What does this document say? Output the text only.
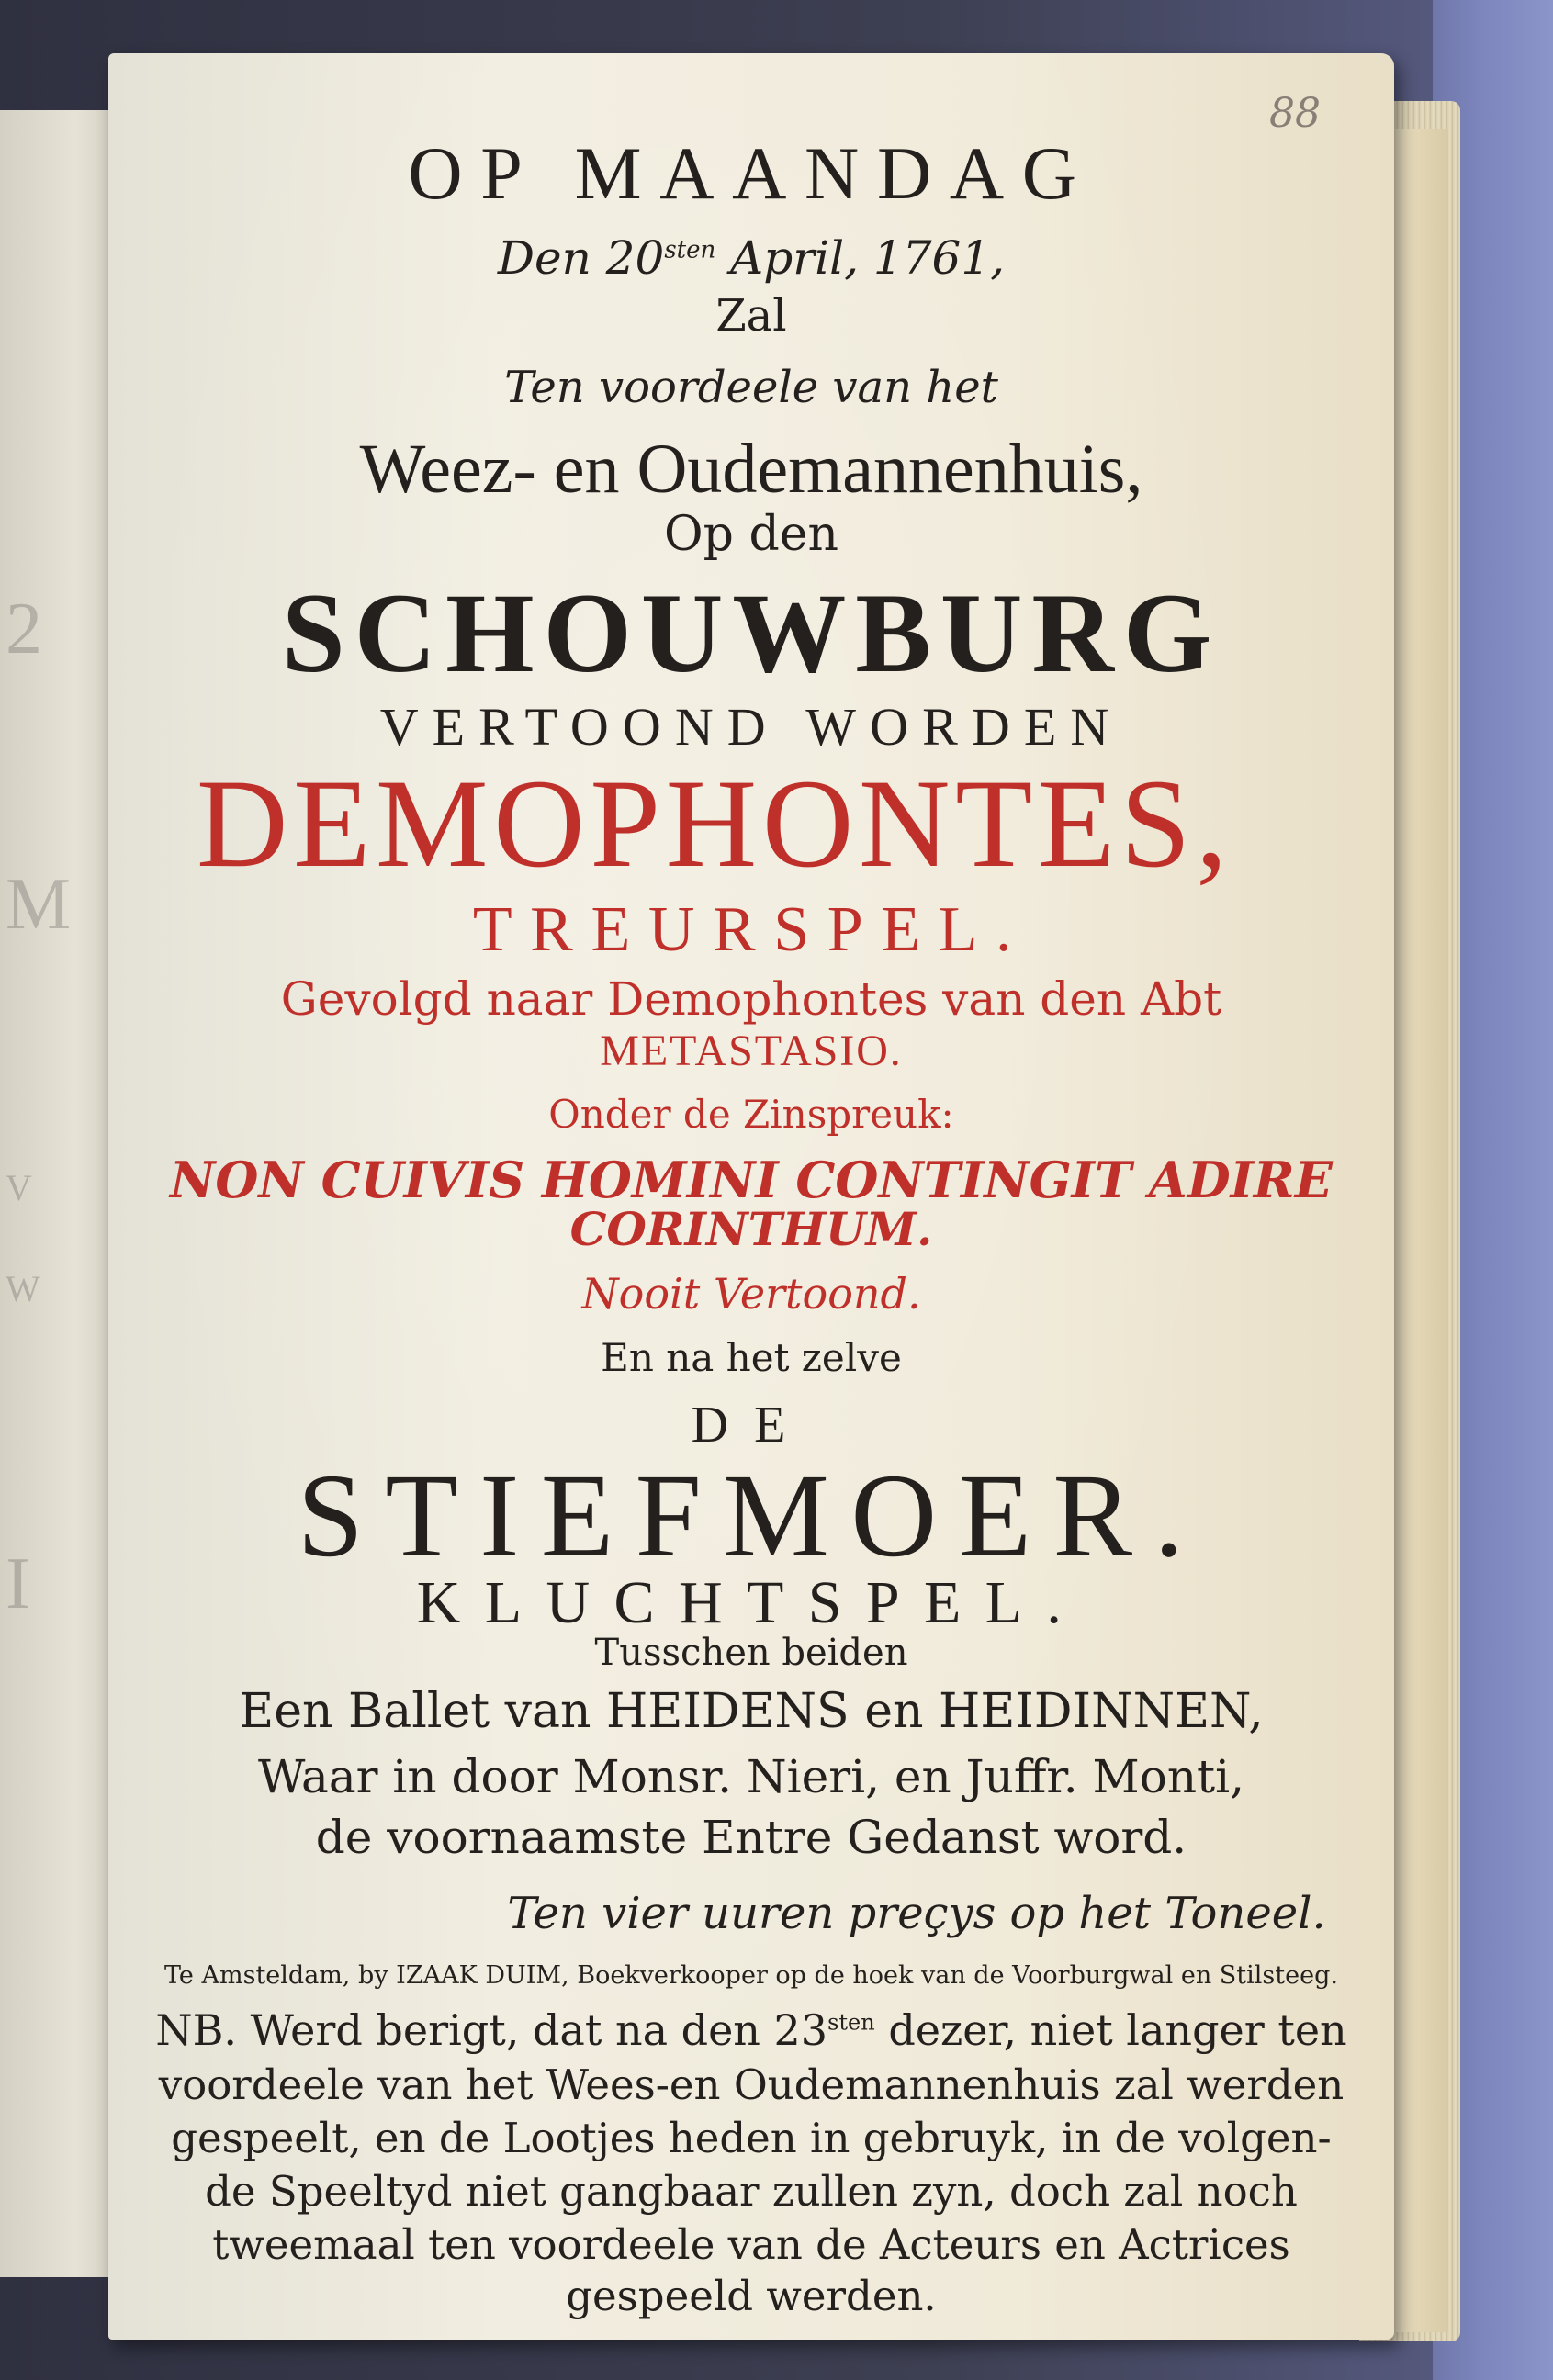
2
M
V
W
I
88
OP MAANDAG
Den $20^{sten}$ April, 1761,
Zal
Ten voordeele van het
Weez- en Oudemannenhuis,
Op den
SCHOUWBURG
VERTOOND WORDEN
DEMOPHONTES,
TREURSPEL.
Gevolgd naar Demophontes van den Abt
METASTASIO.
Onder de Zinspreuk:
NON CUIVIS HOMINI CONTINGIT ADIRE
CORINTHUM.
Nooit Vertoond.
En na het zelve
DE
STIEFMOER.
KLUCHTSPEL.
Tusschen beiden
Een Ballet van HEIDENS en HEIDINNEN,
Waar in door Monsr. Nieri, en Juffr. Monti,
de voornaamste Entre Gedanst word.
Ten vier uuren preçys op het Toneel.
Te Amsteldam, by IZAAK DUIM, Boekverkooper op de hoek van de Voorburgwal en Stilsteeg.
NB. Werd berigt, dat na den $23^{sten}$ dezer, niet langer ten
voordeele van het Wees-en Oudemannenhuis zal werden
gespeelt, en de Lootjes heden in gebruyk, in de volgen-
de Speeltyd niet gangbaar zullen zyn, doch zal noch
tweemaal ten voordeele van de Acteurs en Actrices
gespeeld werden.
